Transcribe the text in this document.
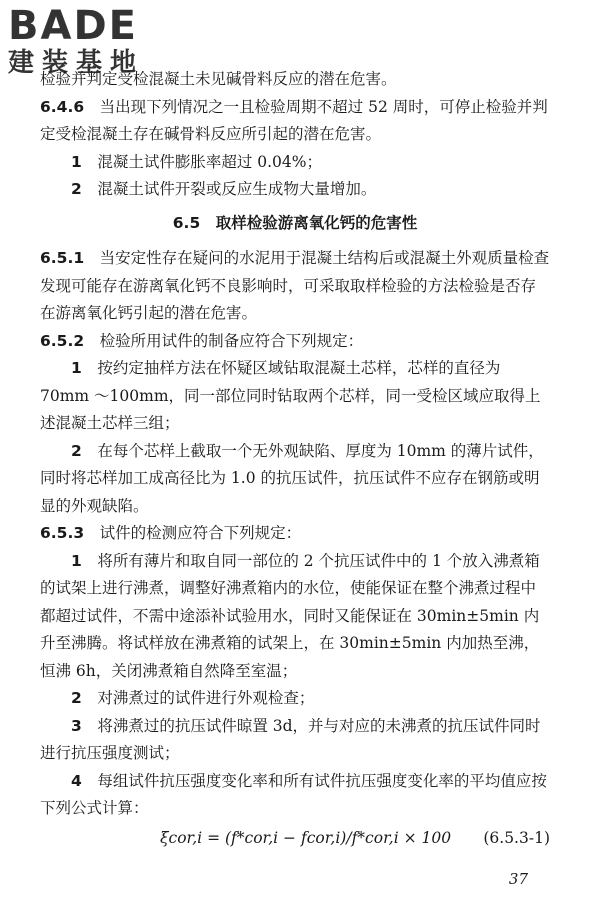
BADE
建装基地

检验并判定受检混凝土未见碱骨料反应的潜在危害。

6.4.6　 当出现下列情况之一且检验周期不超过 52 周时，可停止检验并判定受检混凝土存在碱骨料反应所引起的潜在危害。

1　 混凝土试件膨胀率超过 0.04%；

2　 混凝土试件开裂或反应生成物大量增加。

6.5　取样检验游离氧化钙的危害性

6.5.1　 当安定性存在疑问的水泥用于混凝土结构后或混凝土外观质量检查发现可能存在游离氧化钙不良影响时，可采取取样检验的方法检验是否存在游离氧化钙引起的潜在危害。

6.5.2　 检验所用试件的制备应符合下列规定：

1　 按约定抽样方法在怀疑区域钻取混凝土芯样，芯样的直径为 70mm ～100mm，同一部位同时钻取两个芯样，同一受检区域应取得上述混凝土芯样三组；

2　 在每个芯样上截取一个无外观缺陷、厚度为 10mm 的薄片试件，同时将芯样加工成高径比为 1.0 的抗压试件，抗压试件不应存在钢筋或明显的外观缺陷。

6.5.3　 试件的检测应符合下列规定：

1　 将所有薄片和取自同一部位的 2 个抗压试件中的 1 个放入沸煮箱的试架上进行沸煮，调整好沸煮箱内的水位，使能保证在整个沸煮过程中都超过试件，不需中途添补试验用水，同时又能保证在 30min±5min 内升至沸腾。将试样放在沸煮箱的试架上，在 30min±5min 内加热至沸，恒沸 6h，关闭沸煮箱自然降至室温；

2　 对沸煮过的试件进行外观检查；

3　 将沸煮过的抗压试件晾置 3d，并与对应的未沸煮的抗压试件同时进行抗压强度测试；

4　 每组试件抗压强度变化率和所有试件抗压强度变化率的平均值应按下列公式计算：

ξcor,i = (f*cor,i − fcor,i)/f*cor,i × 100 (6.5.3-1)
37
